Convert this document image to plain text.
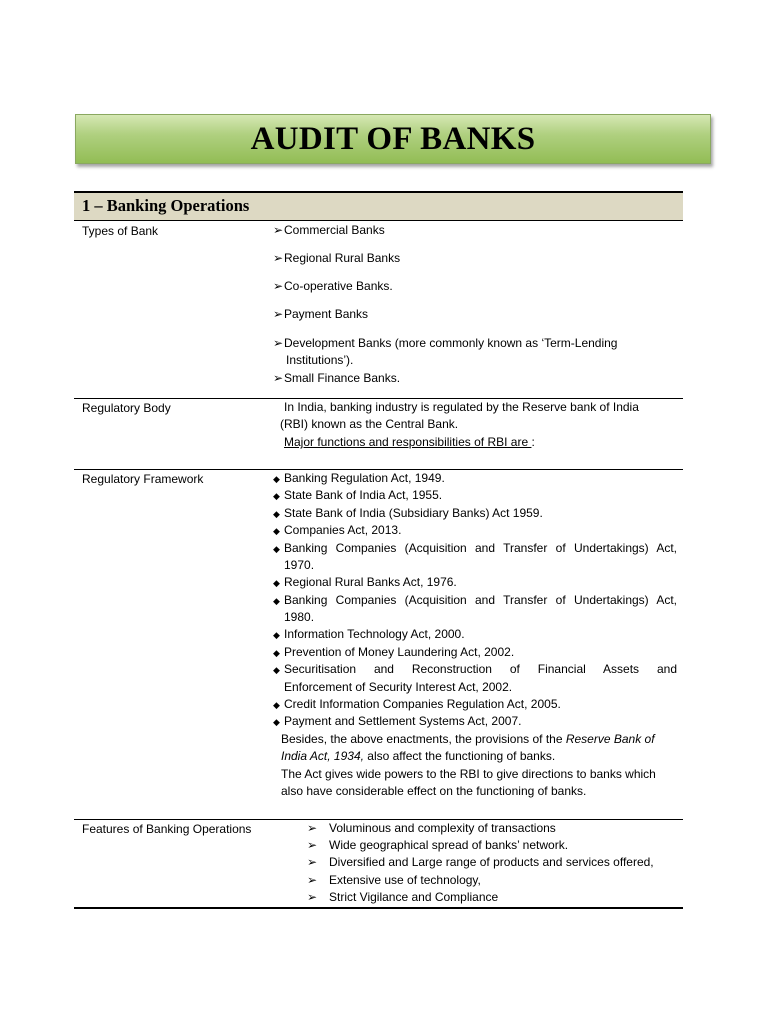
AUDIT OF BANKS
1 – Banking Operations
Types of Bank	➢Commercial Banks
➢Regional Rural Banks
➢Co-operative Banks.
➢Payment Banks
➢Development Banks (more commonly known as ‘Term-Lending
Institutions’).
➢Small Finance Banks.
Regulatory Body	In India, banking industry is regulated by the Reserve bank of India
(RBI) known as the Central Bank.
Major functions and responsibilities of RBI are :
Regulatory Framework	◆ Banking Regulation Act, 1949.
◆ State Bank of India Act, 1955.
◆ State Bank of India (Subsidiary Banks) Act 1959.
◆ Companies Act, 2013.
◆ Banking Companies (Acquisition and Transfer of Undertakings) Act,
1970.
◆ Regional Rural Banks Act, 1976.
◆ Banking Companies (Acquisition and Transfer of Undertakings) Act,
1980.
◆ Information Technology Act, 2000.
◆ Prevention of Money Laundering Act, 2002.
◆ Securitisation and Reconstruction of Financial Assets and
Enforcement of Security Interest Act, 2002.
◆ Credit Information Companies Regulation Act, 2005.
◆ Payment and Settlement Systems Act, 2007.
Besides, the above enactments, the provisions of the Reserve Bank of
India Act, 1934, also affect the functioning of banks.
The Act gives wide powers to the RBI to give directions to banks which
also have considerable effect on the functioning of banks.
Features of Banking Operations	➢ Voluminous and complexity of transactions
➢ Wide geographical spread of banks’ network.
➢ Diversified and Large range of products and services offered,
➢ Extensive use of technology,
➢ Strict Vigilance and Compliance
